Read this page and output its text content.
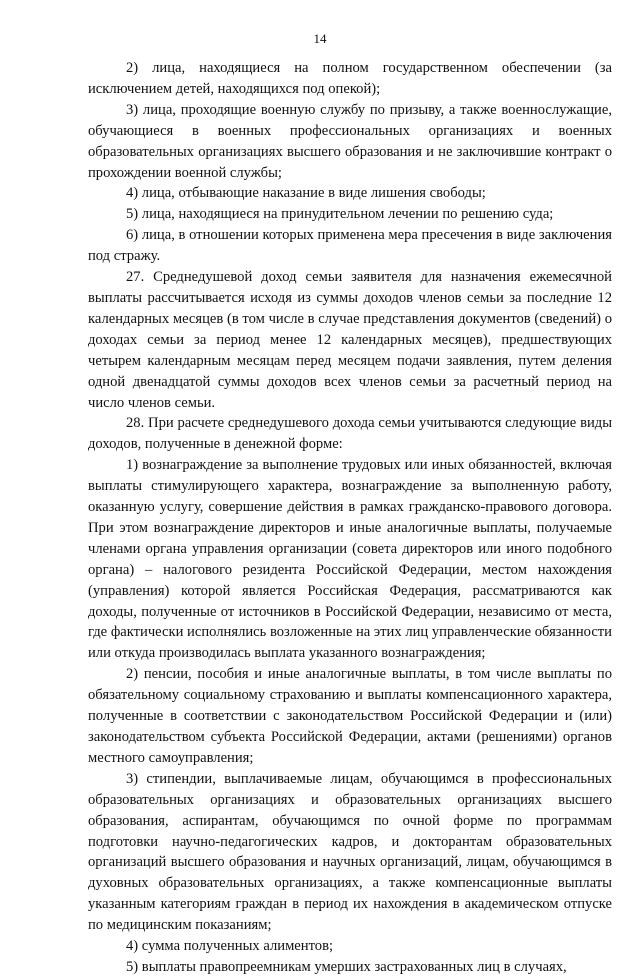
14

2) лица, находящиеся на полном государственном обеспечении (за исключением детей, находящихся под опекой);

3) лица, проходящие военную службу по призыву, а также военнослужащие, обучающиеся в военных профессиональных организациях и военных образовательных организациях высшего образования и не заключившие контракт о прохождении военной службы;

4) лица, отбывающие наказание в виде лишения свободы;

5) лица, находящиеся на принудительном лечении по решению суда;

6) лица, в отношении которых применена мера пресечения в виде заключения под стражу.

27. Среднедушевой доход семьи заявителя для назначения ежемесячной выплаты рассчитывается исходя из суммы доходов членов семьи за последние 12 календарных месяцев (в том числе в случае представления документов (сведений) о доходах семьи за период менее 12 календарных месяцев), предшествующих четырем календарным месяцам перед месяцем подачи заявления, путем деления одной двенадцатой суммы доходов всех членов семьи за расчетный период на число членов семьи.

28. При расчете среднедушевого дохода семьи учитываются следующие виды доходов, полученные в денежной форме:

1) вознаграждение за выполнение трудовых или иных обязанностей, включая выплаты стимулирующего характера, вознаграждение за выполненную работу, оказанную услугу, совершение действия в рамках гражданско-правового договора. При этом вознаграждение директоров и иные аналогичные выплаты, получаемые членами органа управления организации (совета директоров или иного подобного органа) – налогового резидента Российской Федерации, местом нахождения (управления) которой является Российская Федерация, рассматриваются как доходы, полученные от источников в Российской Федерации, независимо от места, где фактически исполнялись возложенные на этих лиц управленческие обязанности или откуда производилась выплата указанного вознаграждения;

2) пенсии, пособия и иные аналогичные выплаты, в том числе выплаты по обязательному социальному страхованию и выплаты компенсационного характера, полученные в соответствии с законодательством Российской Федерации и (или) законодательством субъекта Российской Федерации, актами (решениями) органов местного самоуправления;

3) стипендии, выплачиваемые лицам, обучающимся в профессиональных образовательных организациях и образовательных организациях высшего образования, аспирантам, обучающимся по очной форме по программам подготовки научно-педагогических кадров, и докторантам образовательных организаций высшего образования и научных организаций, лицам, обучающимся в духовных образовательных организациях, а также компенсационные выплаты указанным категориям граждан в период их нахождения в академическом отпуске по медицинским показаниям;

4) сумма полученных алиментов;

5) выплаты правопреемникам умерших застрахованных лиц в случаях,
